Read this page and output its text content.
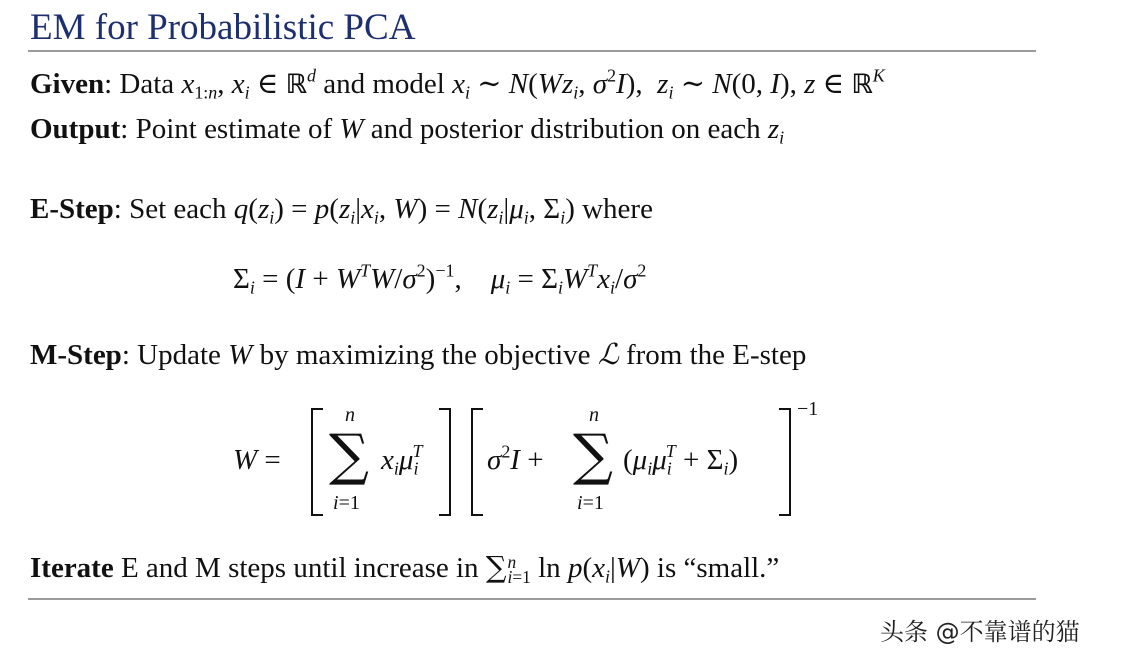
EM for Probabilistic PCA
Given: Data $x_{1:n}$, $x_i$ ∈ ℝ$^d$ and model $x_i$ ∼ $N(Wz_i$, $\sigma^2I$),  $z_i$ ∼ N(0, I), z ∈ ℝ$^K$
Output: Point estimate of W and posterior distribution on each $z_i$
E-Step: Set each $q(z_i) = p(z_i|x_i$, $W) = N(z_i|\mu_i$, $\Sigma_i$) where
$\Sigma_i = (I + W^TW/\sigma^2)^{-1}$,    $\mu_i = \Sigma_iW^Tx_i/\sigma^2$
M-Step: Update W by maximizing the objective ℒ from the E-step
W =
n
∑
i=1
$x_i\mu_i^T$ $\sigma^2I$ +
n
∑
i=1
$(\mu_i\mu_i^T + \Sigma_i)$
−1
Iterate E and M steps until increase in ∑n
i=1 $\ln p(x_i|W)$ is “small.”
头条 @不靠谱的猫
